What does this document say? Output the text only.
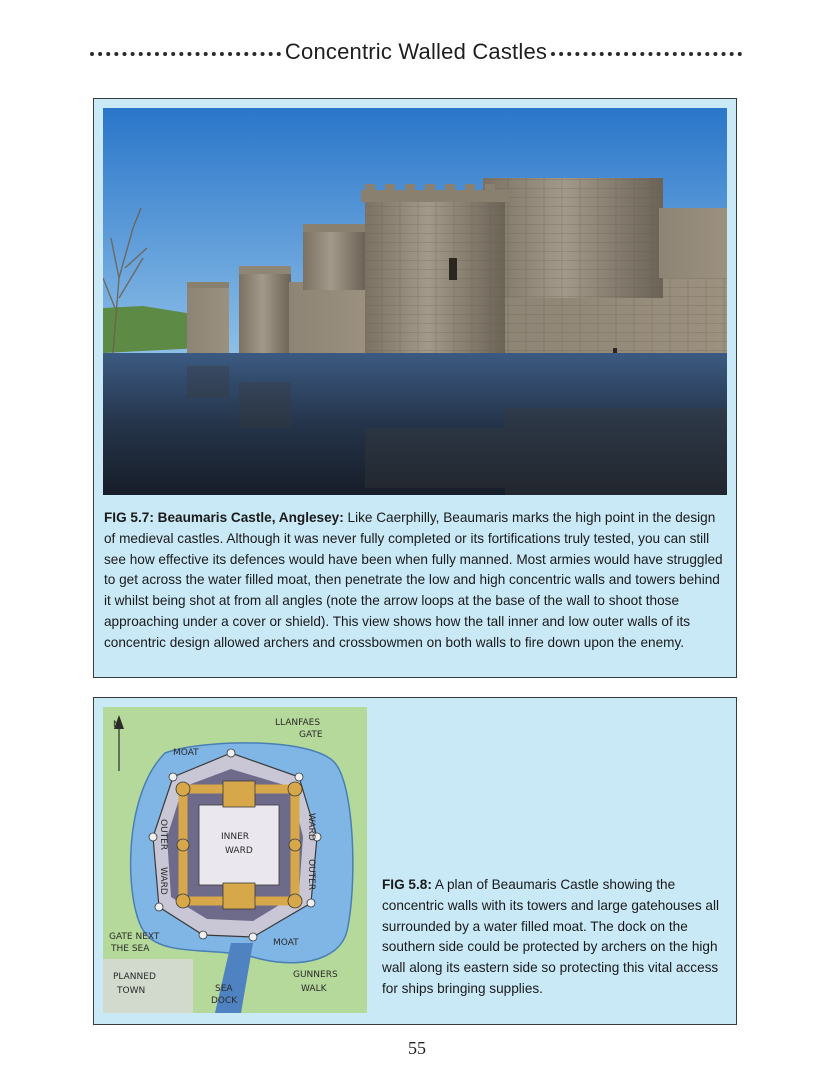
Concentric Walled Castles
FIG 5.7: Beaumaris Castle, Anglesey: Like Caerphilly, Beaumaris marks the high point in the design of medieval castles. Although it was never fully completed or its fortifications truly tested, you can still see how effective its defences would have been when fully manned. Most armies would have struggled to get across the water filled moat, then penetrate the low and high concentric walls and towers behind it whilst being shot at from all angles (note the arrow loops at the base of the wall to shoot those approaching under a cover or shield). This view shows how the tall inner and low outer walls of its concentric design allowed archers and crossbowmen on both walls to fire down upon the enemy.
N	LLANFAES
GATE
MOAT
OUTER
WARD
INNER
WARD
WARD
OUTER
GATE NEXT
THE SEA
MOAT
PLANNED
TOWN	SEA
DOCK
GUNNERS
WALK
FIG 5.8: A plan of Beaumaris Castle showing the concentric walls with its towers and large gatehouses all surrounded by a water filled moat. The dock on the southern side could be protected by archers on the high wall along its eastern side so protecting this vital access for ships bringing supplies.
55
